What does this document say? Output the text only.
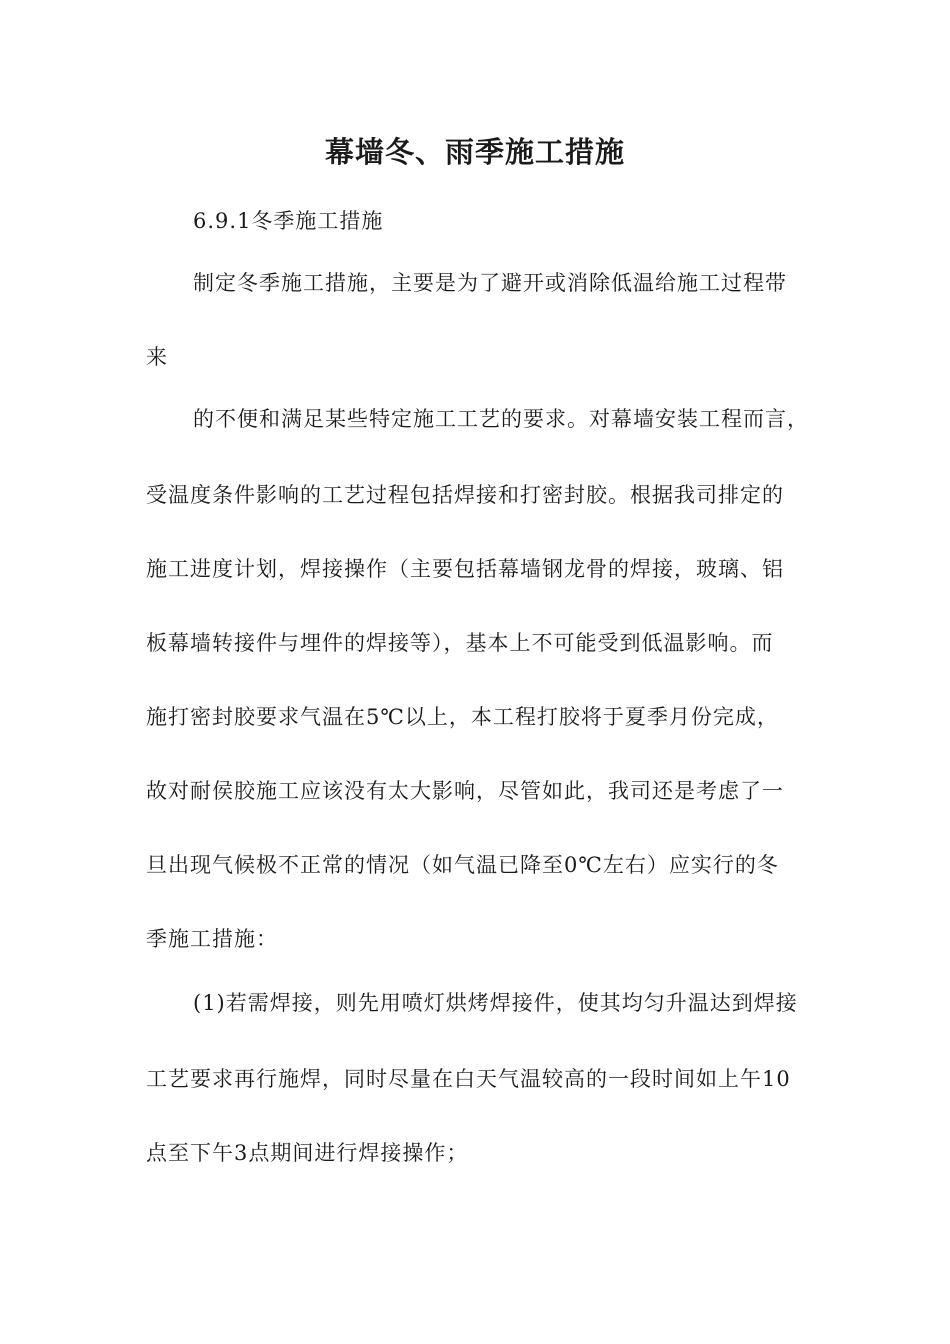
幕墙冬、雨季施工措施
6.9.1冬季施工措施
制定冬季施工措施，主要是为了避开或消除低温给施工过程带
来
的不便和满足某些特定施工工艺的要求。对幕墙安装工程而言，
受温度条件影响的工艺过程包括焊接和打密封胶。根据我司排定的
施工进度计划，焊接操作（主要包括幕墙钢龙骨的焊接，玻璃、铝
板幕墙转接件与埋件的焊接等），基本上不可能受到低温影响。而
施打密封胶要求气温在5℃以上，本工程打胶将于夏季月份完成，
故对耐侯胶施工应该没有太大影响，尽管如此，我司还是考虑了一
旦出现气候极不正常的情况（如气温已降至0℃左右）应实行的冬
季施工措施：
(1)若需焊接，则先用喷灯烘烤焊接件，使其均匀升温达到焊接
工艺要求再行施焊，同时尽量在白天气温较高的一段时间如上午10
点至下午3点期间进行焊接操作；
